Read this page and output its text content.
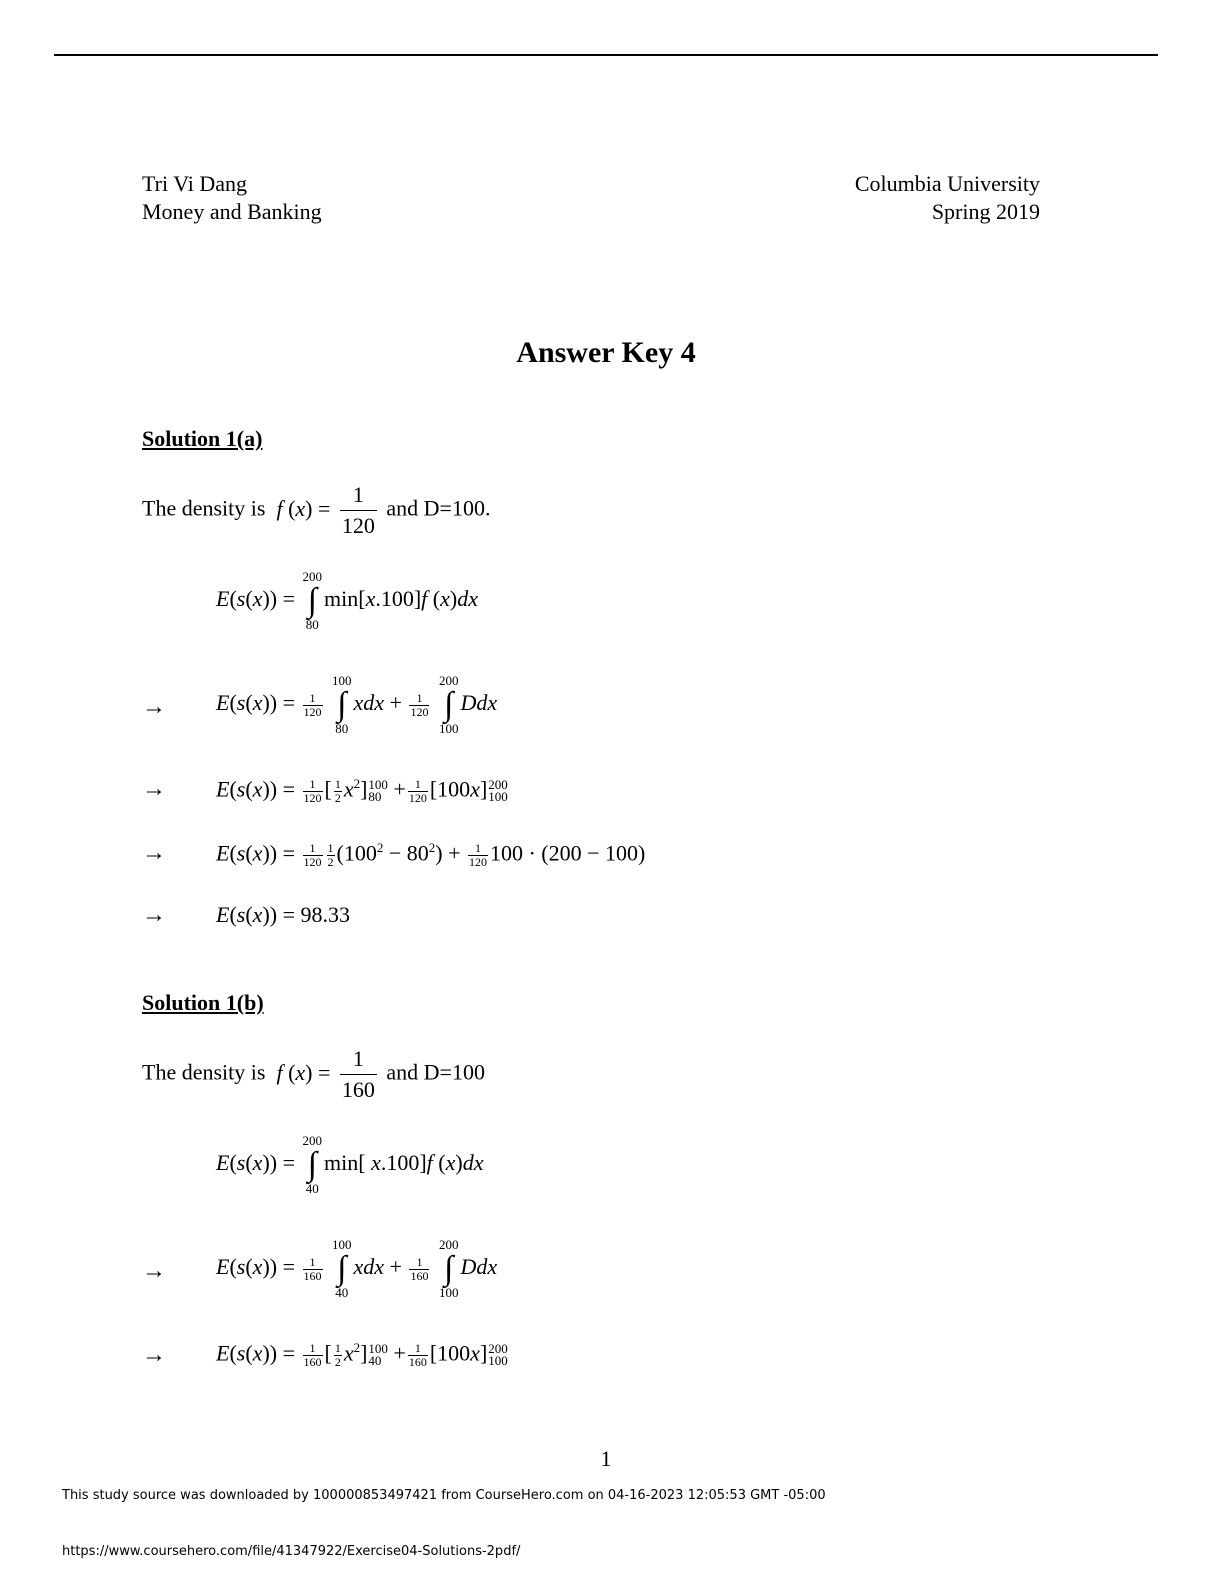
Tri Vi Dang
Money and Banking
Columbia University
Spring 2019
Answer Key 4
Solution 1(a)
The density is f $(x) = \frac{1}{120}$ and D=100.
E(s(x)) =
200
∫
80
min[x.100]f (x)dx
→ $E(s(x)) = \frac{1}{120}$

100
∫
80
xdx + $\frac{1}{120}$

200
∫
100
Ddx
→ $E(s(x)) = \frac{1}{120}$ [ $\frac{1}{2} x^2$] 100
$80 + \frac{1}{120} [100x]$ 200
100
→ $E(s(x)) = \frac{1}{120} \frac{1}{2} (100^2 - 80^2) + \frac{1}{120} 100 \cdot (200 - 100)$
→ E(s(x)) = 98.33
Solution 1(b)
The density is f $(x) = \frac{1}{160}$ and D=100
E(s(x)) =
200
∫
40
min[ x.100]f (x)dx
→ $E(s(x)) = \frac{1}{160}$

100
∫
40
xdx + $\frac{1}{160}$

200
∫
100
Ddx
→ $E(s(x)) = \frac{1}{160}$ [ $\frac{1}{2} x^2$] 100
$40 + \frac{1}{160} [100x]$ 200
100
1
This study source was downloaded by 100000853497421 from CourseHero.com on 04-16-2023 12:05:53 GMT -05:00
https://www.coursehero.com/file/41347922/Exercise04-Solutions-2pdf/
